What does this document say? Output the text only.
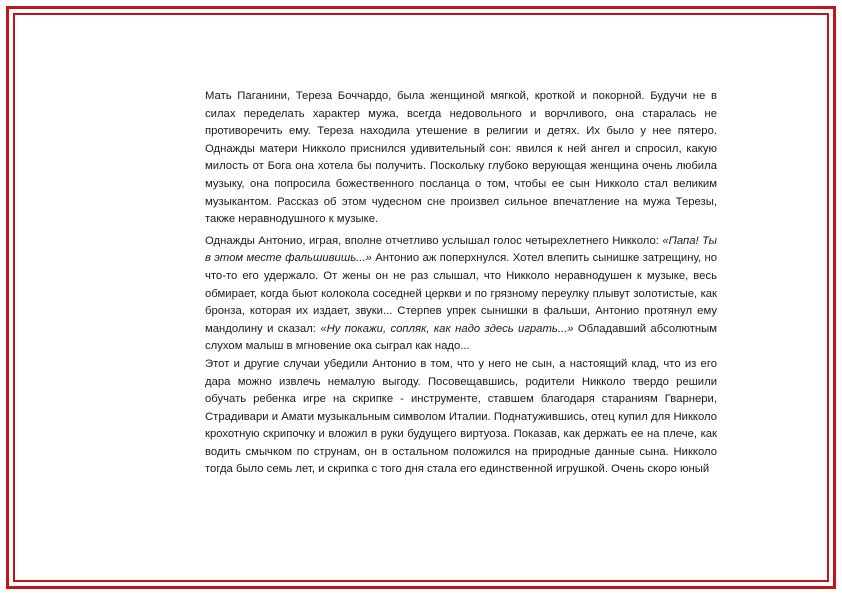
Мать Паганини, Тереза Боччардо, была женщиной мягкой, кроткой и покорной. Будучи не в силах переделать характер мужа, всегда недовольного и ворчливого, она старалась не противоречить ему. Тереза находила утешение в религии и детях. Их было у нее пятеро. Однажды матери Никколо приснился удивительный сон: явился к ней ангел и спросил, какую милость от Бога она хотела бы получить. Поскольку глубоко верующая женщина очень любила музыку, она попросила божественного посланца о том, чтобы ее сын Никколо стал великим музыкантом. Рассказ об этом чудесном сне произвел сильное впечатление на мужа Терезы, также неравнодушного к музыке.

Однажды Антонио, играя, вполне отчетливо услышал голос четырехлетнего Никколо: «Папа! Ты в этом месте фальшивишь...» Антонио аж поперхнулся. Хотел влепить сынишке затрещину, но что-то его удержало. От жены он не раз слышал, что Никколо неравнодушен к музыке, весь обмирает, когда бьют колокола соседней церкви и по грязному переулку плывут золотистые, как бронза, которая их издает, звуки... Стерпев упрек сынишки в фальши, Антонио протянул ему мандолину и сказал: «Ну покажи, сопляк, как надо здесь играть...» Обладавший абсолютным слухом малыш в мгновение ока сыграл как надо...

Этот и другие случаи убедили Антонио в том, что у него не сын, а настоящий клад, что из его дара можно извлечь немалую выгоду. Посовещавшись, родители Никколо твердо решили обучать ребенка игре на скрипке - инструменте, ставшем благодаря стараниям Гварнери, Страдивари и Амати музыкальным символом Италии. Поднатужившись, отец купил для Никколо крохотную скрипочку и вложил в руки будущего виртуоза. Показав, как держать ее на плече, как водить смычком по струнам, он в остальном положился на природные данные сына. Никколо тогда было семь лет, и скрипка с того дня стала его единственной игрушкой. Очень скоро юный
